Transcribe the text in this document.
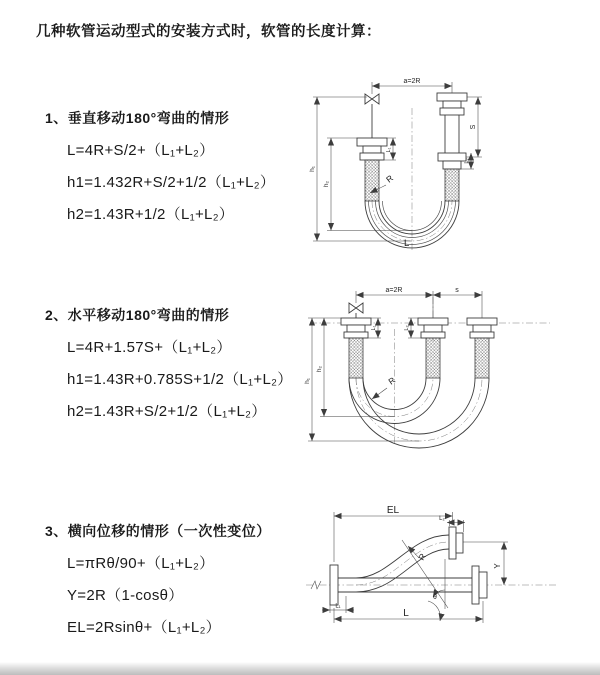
几种软管运动型式的安装方式时，软管的长度计算：
1、垂直移动180°弯曲的情形

L=4R+S/2+（L₁+L₂）

h1=1.432R+S/2+1/2（L₁+L₂）

h2=1.43R+1/2（L₁+L₂）

2、水平移动180°弯曲的情形

L=4R+1.57S+（L₁+L₂）

h1=1.43R+0.785S+1/2（L₁+L₂）

h2=1.43R+S/2+1/2（L₁+L₂）

3、横向位移的情形（一次性变位）

L=πRθ/90+（L₁+L₂）

Y=2R（1-cosθ）

EL=2Rsinθ+（L₁+L₂）

a=2R
S
L₂
L₁
h₁
h₂	R
L
a=2R	s
L₁	L₂
h₁
h₂
R
θ
EL
L
Y
L₂
L₁
R
